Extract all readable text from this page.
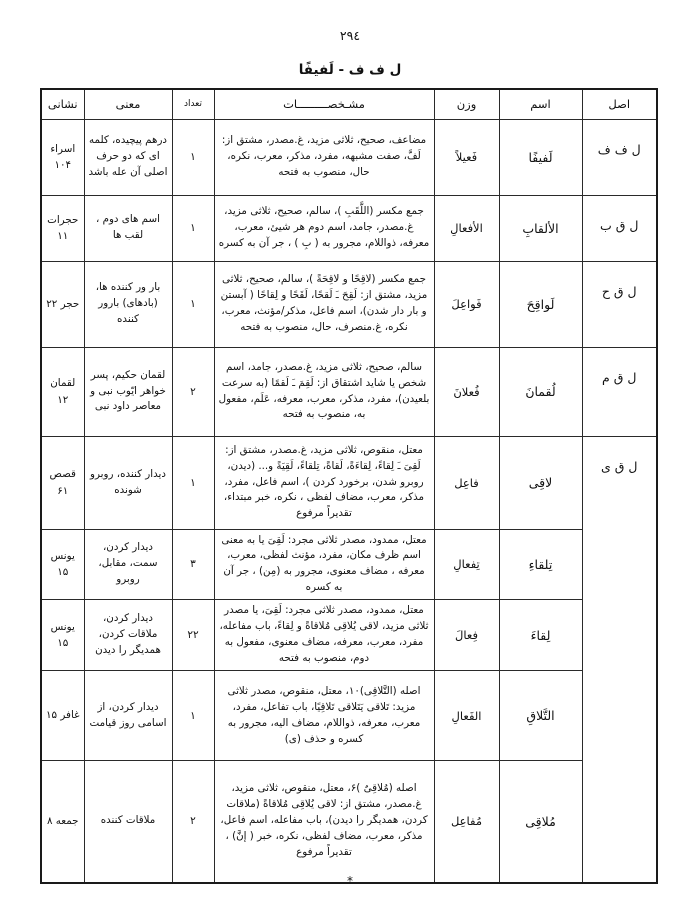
٢٩٤
ل ف ف - لَفيفًا
اصل	اسم	وزن	مشـخصـــــــــات	تعداد	معنی	نشانی
ل ف ف	لَفيفًا	فَعيلاً	مضاعف، صحیح، ثلاثی مزید، غ.مصدر، مشتق از: لَفَّ، صفت مشبهه، مفرد، مذکر، معرب، نکره، حال، منصوب به فتحه	۱	درهم پیچیده، کلمه ای که دو حرف اصلی آن عله باشد	اسراء ۱۰۴
ل ق ب	الألقابِ	الأفعالِ	جمع مکسر (اللَّقَبِ )، سالم، صحیح، ثلاثی مزید، غ.مصدر، جامد، اسم دوم هر شیئ، معرب، معرفه، ذواللام، مجرور به ( بِ ) ، جر آن به کسره	۱	اسم های دوم ، لقب ها	حجرات ۱۱
ل ق ح	لَواقِحَ	فَواعِلَ	جمع مکسر (لاقِحًا و لاقِحَةً )، سالم، صحیح، ثلاثی مزید، مشتق از: لَقِحَ ـَ لَقحًا، لَقَحًا و لِقاحًا ( آبستن و بار دار شدن)، اسم فاعل، مذکر/مؤنث، معرب، نکره، غ.منصرف، حال، منصوب به فتحه	۱	بار ور کننده ها، (بادهای) بارور کننده	حجر ۲۲
ل ق م	لُقمانَ	فُعلانَ	سالم، صحیح، ثلاثی مزید، غ.مصدر، جامد، اسم شخص یا شاید اشتقاق از: لَقِمَ ـَ لَقمًا (به سرعت بلعیدن)، مفرد، مذکر، معرب، معرفه، عَلَم، مفعول به، منصوب به فتحه	۲	لقمان حکیم، پسر خواهر ایّوب نبی و معاصر داود نبی	لقمان ۱۲
ل ق ی	لاقِی	فاعِل	معتل، منقوص، ثلاثی مزید، غ.مصدر، مشتق از: لَقِیَ ـَ لِقاءً، لِقاءَةً، لَقاةً، تِلقاءً، لَقِيَةً و... (دیدن، روبرو شدن، برخورد کردن )، اسم فاعل، مفرد، مذکر، معرب، مضاف لفظی ، نکره، خبر مبتداء، تقدیراً مرفوع	۱	دیدار کننده، روبرو شونده	قصص ۶۱
	تِلقاءِ	تِفعالِ	معتل، ممدود، مصدر ثلاثی مجرد: لَقِیَ یا به معنی اسم ظرف مکان، مفرد، مؤنث لفظی، معرب، معرفه ، مضاف معنوی، مجرور به (مِن) ، جر آن به کسره	۳	دیدار کردن، سمت، مقابل، روبرو	یونس ۱۵
	لِقاءَ	فِعالَ	معتل، ممدود، مصدر ثلاثی مجرد: لَقِیَ، یا مصدر ثلاثی مزید، لاقی یُلاقِی مُلاقاةً و لِقاءً، باب مفاعله، مفرد، معرب، معرفه، مضاف معنوی، مفعول به دوم، منصوب به فتحه	۲۲	دیدار کردن، ملاقات کردن، همدیگر را دیدن	یونس ۱۵
	التَّلاقِ	الفَعالِ	اصله (التَّلاقِی)۱۰، معتل، منقوص، مصدر ثلاثی مزید: تَلاقی یَتَلاقی تَلاقِیًا، باب تفاعل، مفرد، معرب، معرفه، ذواللام، مضاف الیه، مجرور به کسره و حذف (ی)	۱	دیدار کردن، از اسامی روز قیامت	غافر ۱۵
	مُلاقِی	مُفاعِل	اصله (مُلاقِیٌ )۶، معتل، منقوص، ثلاثی مزید، غ.مصدر، مشتق از: لاقی یُلاقِی مُلاقاةً (ملاقات کردن، همدیگر را دیدن)، باب مفاعله، اسم فاعل، مذکر، معرب، مضاف لفظی، نکره، خبر ( إنَّ) ، تقدیراً مرفوع	۲	ملاقات کننده	جمعه ۸
*
